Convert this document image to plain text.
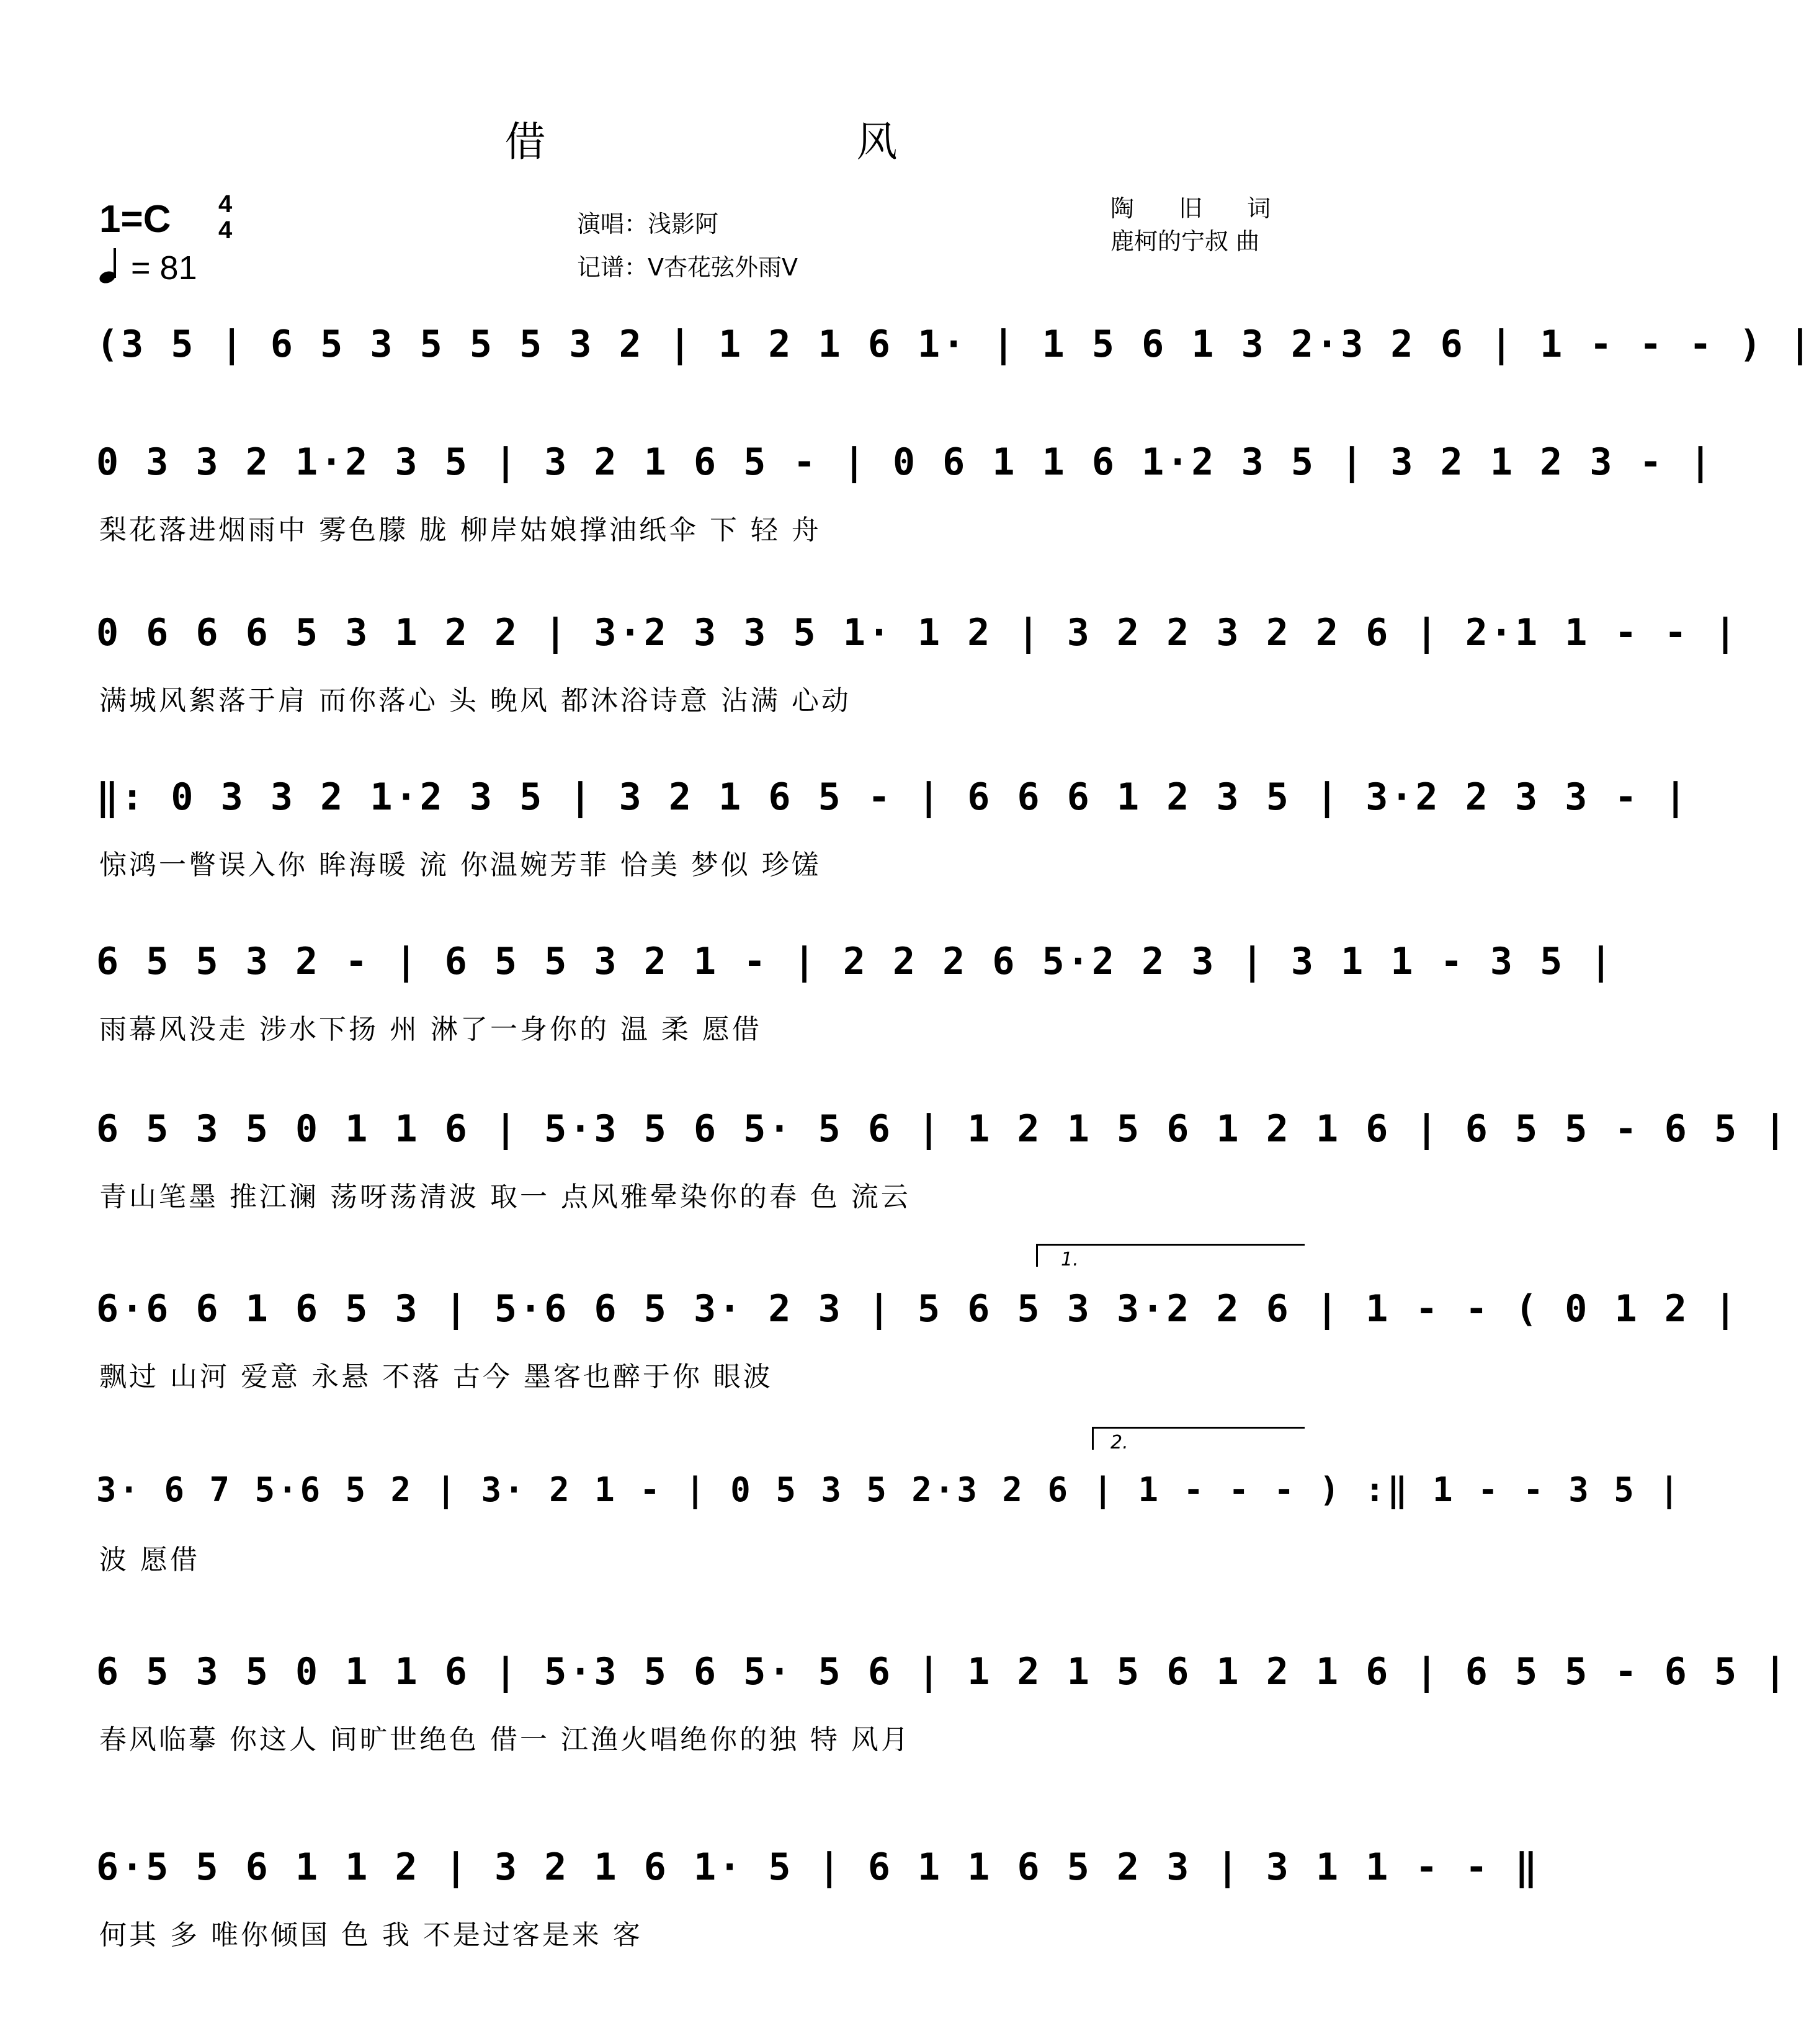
借 风
1=C 4
4
= 81
演唱：浅影阿
记谱：V杏花弦外雨V
陶 旧 词
鹿柯的宁叔 曲
(3 5 | 6 5 3 5 5 5 3 2 | 1 2 1 6 1· | 1 5 6 1 3 2·3 2 6 | 1 - - - ) |
0 3 3 2 1·2 3 5 | 3 2 1 6 5 - | 0 6 1 1 6 1·2 3 5 | 3 2 1 2 3 - |
梨花落进烟雨中 雾色朦 胧 柳岸姑娘撑油纸伞 下 轻 舟
0 6 6 6 5 3 1 2 2 | 3·2 3 3 5 1· 1 2 | 3 2 2 3 2 2 6 | 2·1 1 - - |
满城风絮落于肩 而你落心 头 晚风 都沐浴诗意 沾满 心动
‖: 0 3 3 2 1·2 3 5 | 3 2 1 6 5 - | 6 6 6 1 2 3 5 | 3·2 2 3 3 - |
惊鸿一瞥误入你 眸海暖 流 你温婉芳菲 恰美 梦似 珍馐
6 5 5 3 2 - | 6 5 5 3 2 1 - | 2 2 2 6 5·2 2 3 | 3 1 1 - 3 5 |
雨幕风没走 涉水下扬 州 淋了一身你的 温 柔 愿借
6 5 3 5 0 1 1 6 | 5·3 5 6 5· 5 6 | 1 2 1 5 6 1 2 1 6 | 6 5 5 - 6 5 |
青山笔墨 推江澜 荡呀荡清波 取一 点风雅晕染你的春 色 流云
1.
6·6 6 1 6 5 3 | 5·6 6 5 3· 2 3 | 5 6 5 3 3·2 2 6 | 1 - - ( 0 1 2 |
飘过 山河 爱意 永悬 不落 古今 墨客也醉于你 眼波
2.
3· 6 7 5·6 5 2 | 3· 2 1 - | 0 5 3 5 2·3 2 6 | 1 - - - ) :‖ 1 - - 3 5 |
波 愿借
6 5 3 5 0 1 1 6 | 5·3 5 6 5· 5 6 | 1 2 1 5 6 1 2 1 6 | 6 5 5 - 6 5 |
春风临摹 你这人 间旷世绝色 借一 江渔火唱绝你的独 特 风月
6·5 5 6 1 1 2 | 3 2 1 6 1· 5 | 6 1 1 6 5 2 3 | 3 1 1 - - ‖
何其 多 唯你倾国 色 我 不是过客是来 客
